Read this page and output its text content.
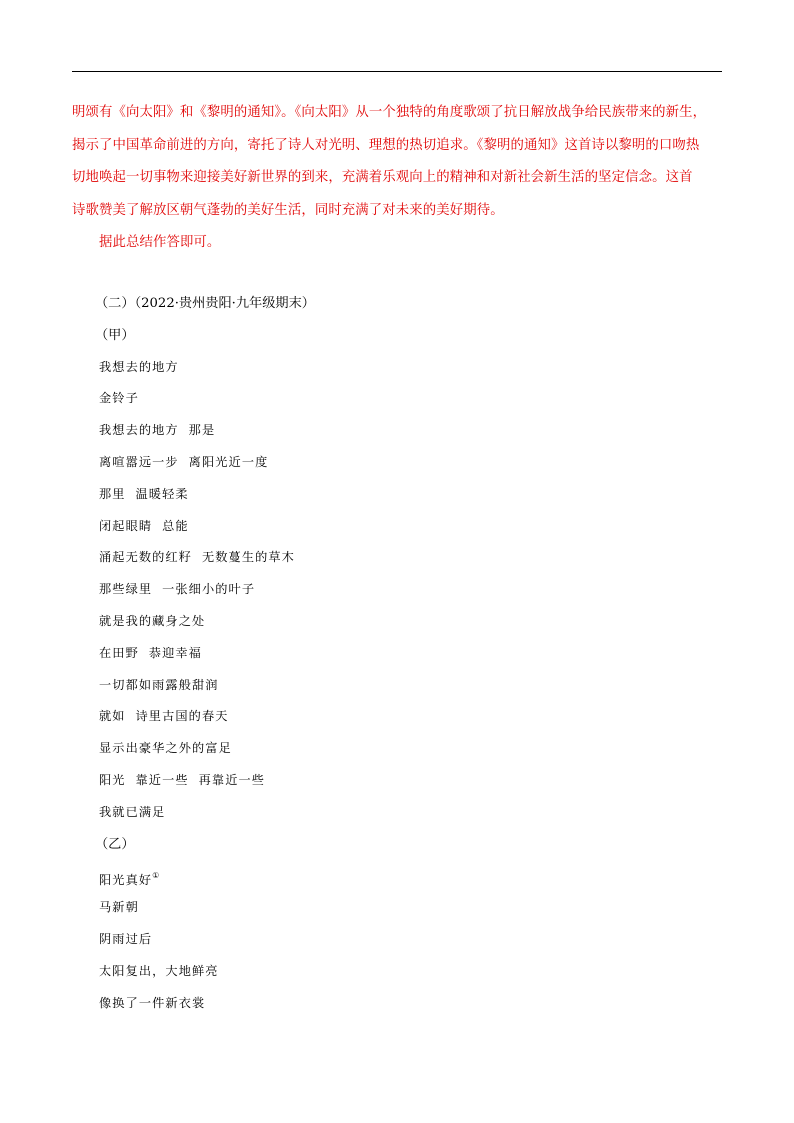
明颂有《向太阳》和《黎明的通知》。《向太阳》从一个独特的角度歌颂了抗日解放战争给民族带来的新生，

揭示了中国革命前进的方向，寄托了诗人对光明、理想的热切追求。《黎明的通知》这首诗以黎明的口吻热

切地唤起一切事物来迎接美好新世界的到来，充满着乐观向上的精神和对新社会新生活的坚定信念。这首

诗歌赞美了解放区朝气蓬勃的美好生活，同时充满了对未来的美好期待。

据此总结作答即可。

（二）（2022·贵州贵阳·九年级期末）
（甲）
我想去的地方
金铃子
我想去的地方  那是
离喧嚣远一步  离阳光近一度
那里  温暖轻柔
闭起眼睛  总能
涌起无数的红籽  无数蔓生的草木
那些绿里  一张细小的叶子
就是我的藏身之处
在田野  恭迎幸福
一切都如雨露般甜润
就如  诗里古国的春天
显示出豪华之外的富足
阳光  靠近一些  再靠近一些
我就已满足
（乙）
阳光真好①
马新朝
阴雨过后
太阳复出，大地鲜亮
像换了一件新衣裳
